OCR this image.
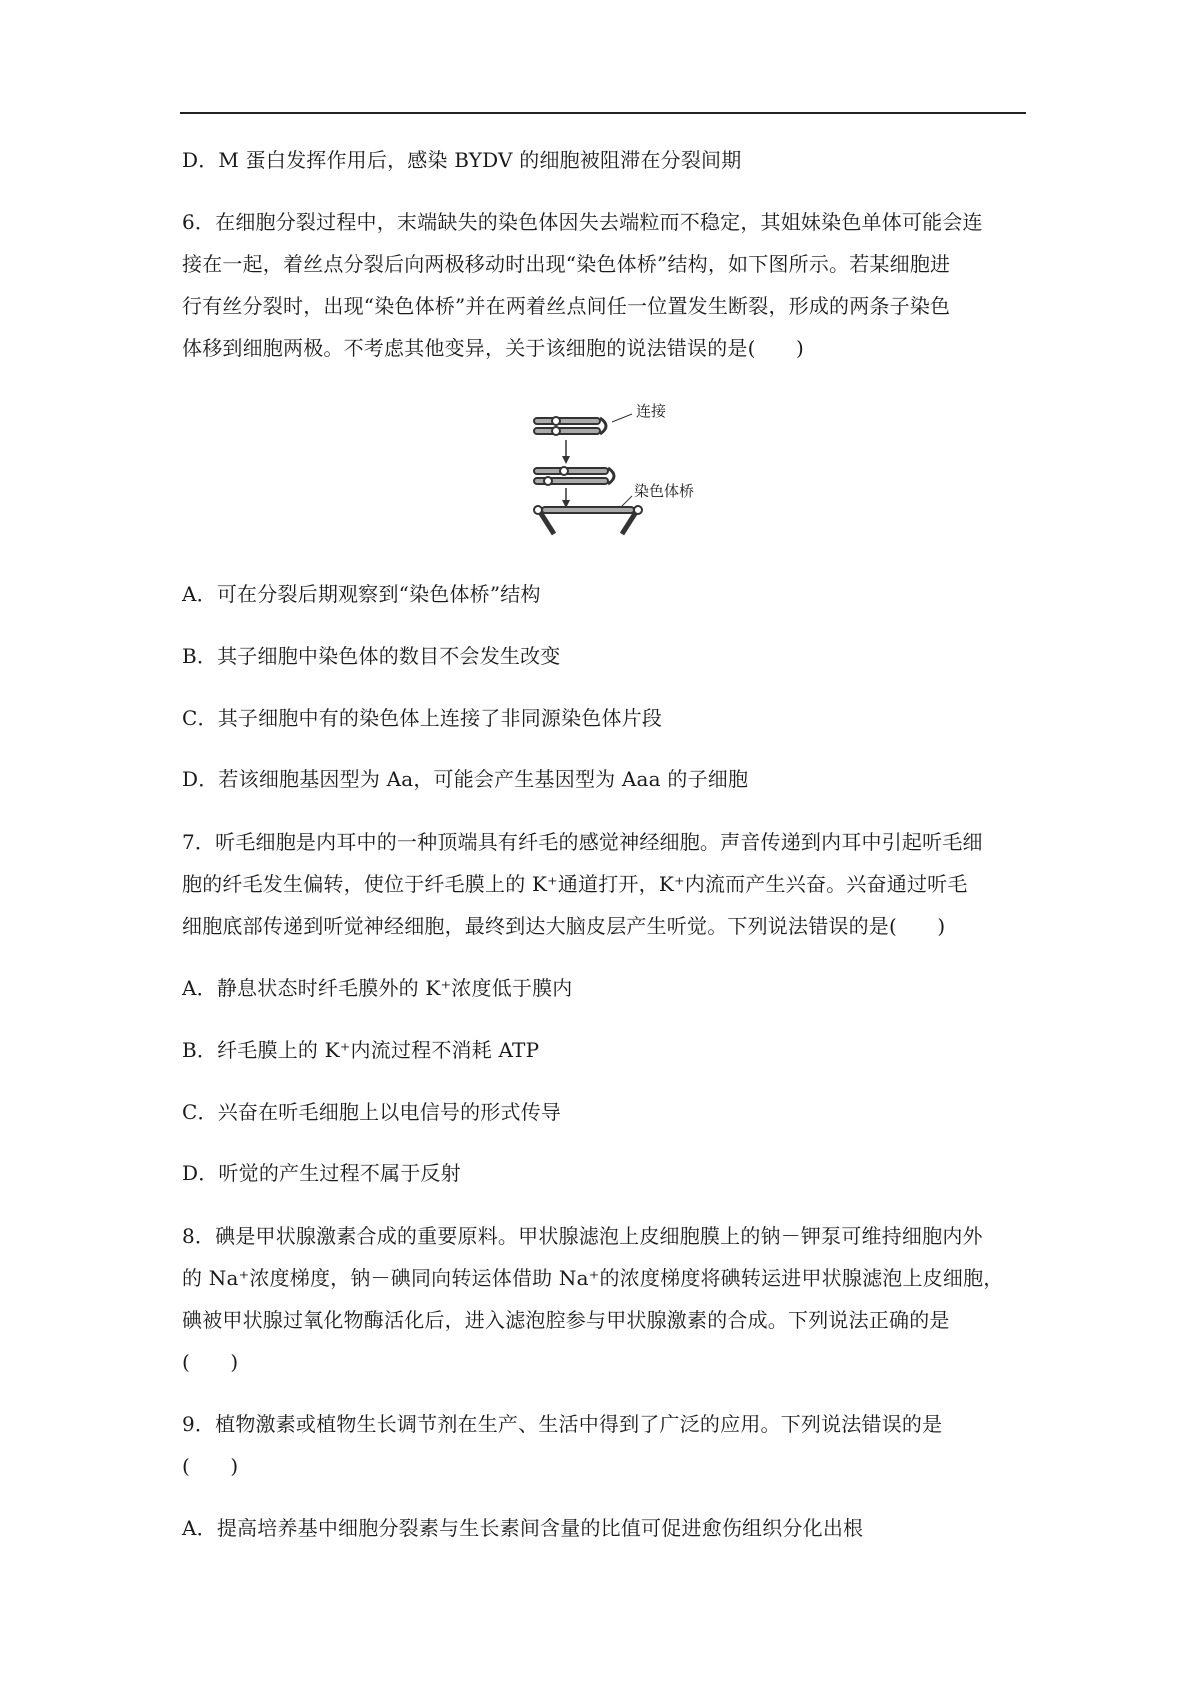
D．M 蛋白发挥作用后，感染 BYDV 的细胞被阻滞在分裂间期
6．在细胞分裂过程中，末端缺失的染色体因失去端粒而不稳定，其姐妹染色单体可能会连
接在一起，着丝点分裂后向两极移动时出现“染色体桥”结构，如下图所示。若某细胞进
行有丝分裂时，出现“染色体桥”并在两着丝点间任一位置发生断裂，形成的两条子染色
体移到细胞两极。不考虑其他变异，关于该细胞的说法错误的是(　　)
连接
染色体桥
A．可在分裂后期观察到“染色体桥”结构
B．其子细胞中染色体的数目不会发生改变
C．其子细胞中有的染色体上连接了非同源染色体片段
D．若该细胞基因型为 Aa，可能会产生基因型为 Aaa 的子细胞
7．听毛细胞是内耳中的一种顶端具有纤毛的感觉神经细胞。声音传递到内耳中引起听毛细
胞的纤毛发生偏转，使位于纤毛膜上的 K⁺通道打开，K⁺内流而产生兴奋。兴奋通过听毛
细胞底部传递到听觉神经细胞，最终到达大脑皮层产生听觉。下列说法错误的是(　　)
A．静息状态时纤毛膜外的 K⁺浓度低于膜内
B．纤毛膜上的 K⁺内流过程不消耗 ATP
C．兴奋在听毛细胞上以电信号的形式传导
D．听觉的产生过程不属于反射
8．碘是甲状腺激素合成的重要原料。甲状腺滤泡上皮细胞膜上的钠－钾泵可维持细胞内外
的 Na⁺浓度梯度，钠－碘同向转运体借助 Na⁺的浓度梯度将碘转运进甲状腺滤泡上皮细胞，
碘被甲状腺过氧化物酶活化后，进入滤泡腔参与甲状腺激素的合成。下列说法正确的是
(　　)
9．植物激素或植物生长调节剂在生产、生活中得到了广泛的应用。下列说法错误的是
(　　)
A．提高培养基中细胞分裂素与生长素间含量的比值可促进愈伤组织分化出根
